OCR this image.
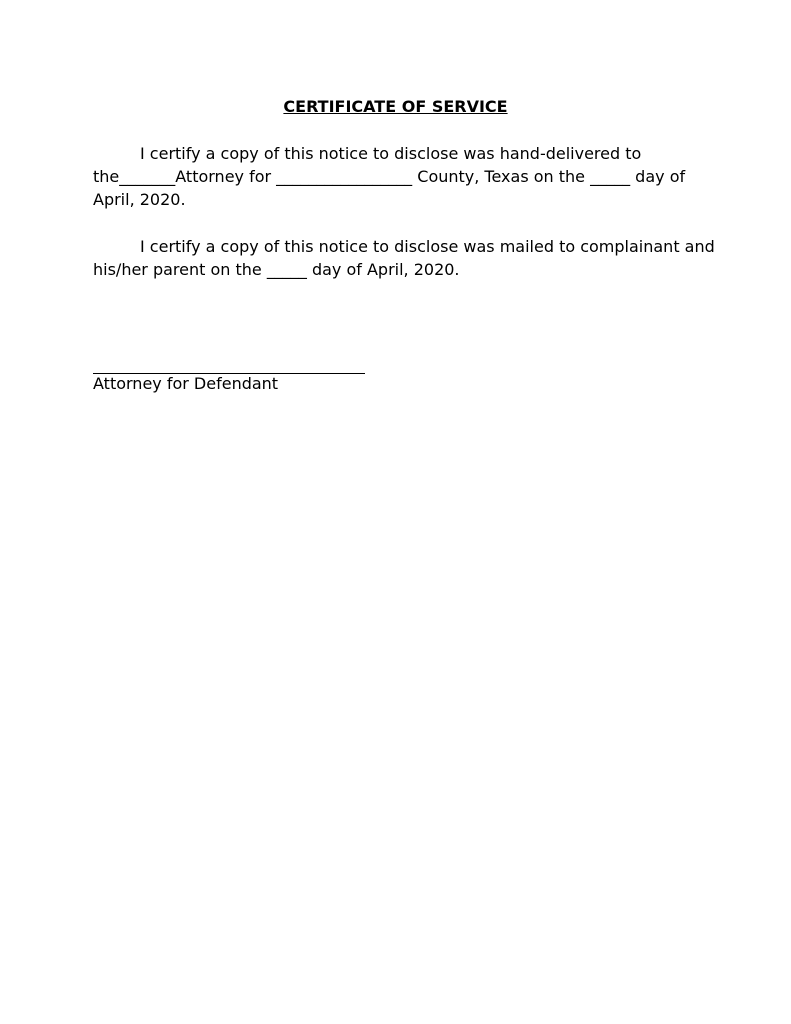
CERTIFICATE OF SERVICE
I certify a copy of this notice to disclose was hand-delivered to
the_______Attorney for _________________ County, Texas on the _____ day of
April, 2020.
I certify a copy of this notice to disclose was mailed to complainant and
his/her parent on the _____ day of April, 2020.
Attorney for Defendant
